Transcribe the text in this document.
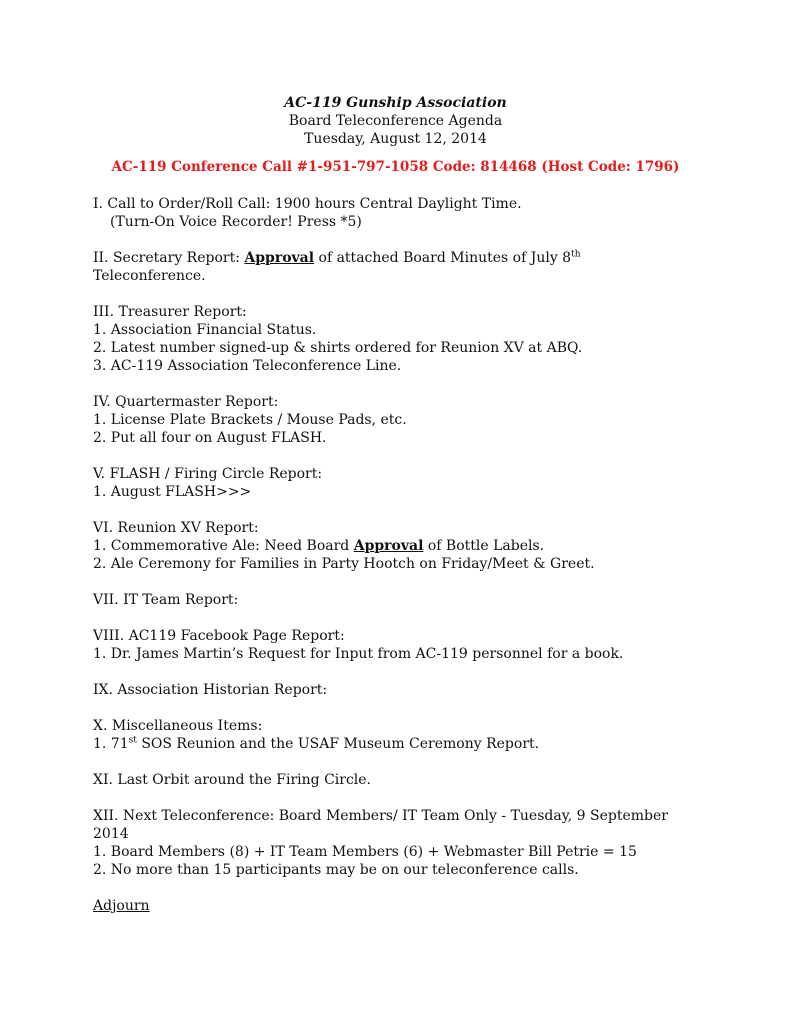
AC-119 Gunship Association
Board Teleconference Agenda
Tuesday, August 12, 2014
AC-119 Conference Call #1-951-797-1058 Code: 814468 (Host Code: 1796)
I. Call to Order/Roll Call: 1900 hours Central Daylight Time.
(Turn-On Voice Recorder! Press *5)
II. Secretary Report: Approval of attached Board Minutes of July 8th
Teleconference.
III. Treasurer Report:
1. Association Financial Status.
2. Latest number signed-up & shirts ordered for Reunion XV at ABQ.
3. AC-119 Association Teleconference Line.
IV. Quartermaster Report:
1. License Plate Brackets / Mouse Pads, etc.
2. Put all four on August FLASH.
V. FLASH / Firing Circle Report:
1. August FLASH>>>
VI. Reunion XV Report:
1. Commemorative Ale: Need Board Approval of Bottle Labels.
2. Ale Ceremony for Families in Party Hootch on Friday/Meet & Greet.
VII. IT Team Report:
VIII. AC119 Facebook Page Report:
1. Dr. James Martin’s Request for Input from AC-119 personnel for a book.
IX. Association Historian Report:
X. Miscellaneous Items:
1. 71st SOS Reunion and the USAF Museum Ceremony Report.
XI. Last Orbit around the Firing Circle.
XII. Next Teleconference: Board Members/ IT Team Only - Tuesday, 9 September
2014
1. Board Members (8) + IT Team Members (6) + Webmaster Bill Petrie = 15
2. No more than 15 participants may be on our teleconference calls.
Adjourn
